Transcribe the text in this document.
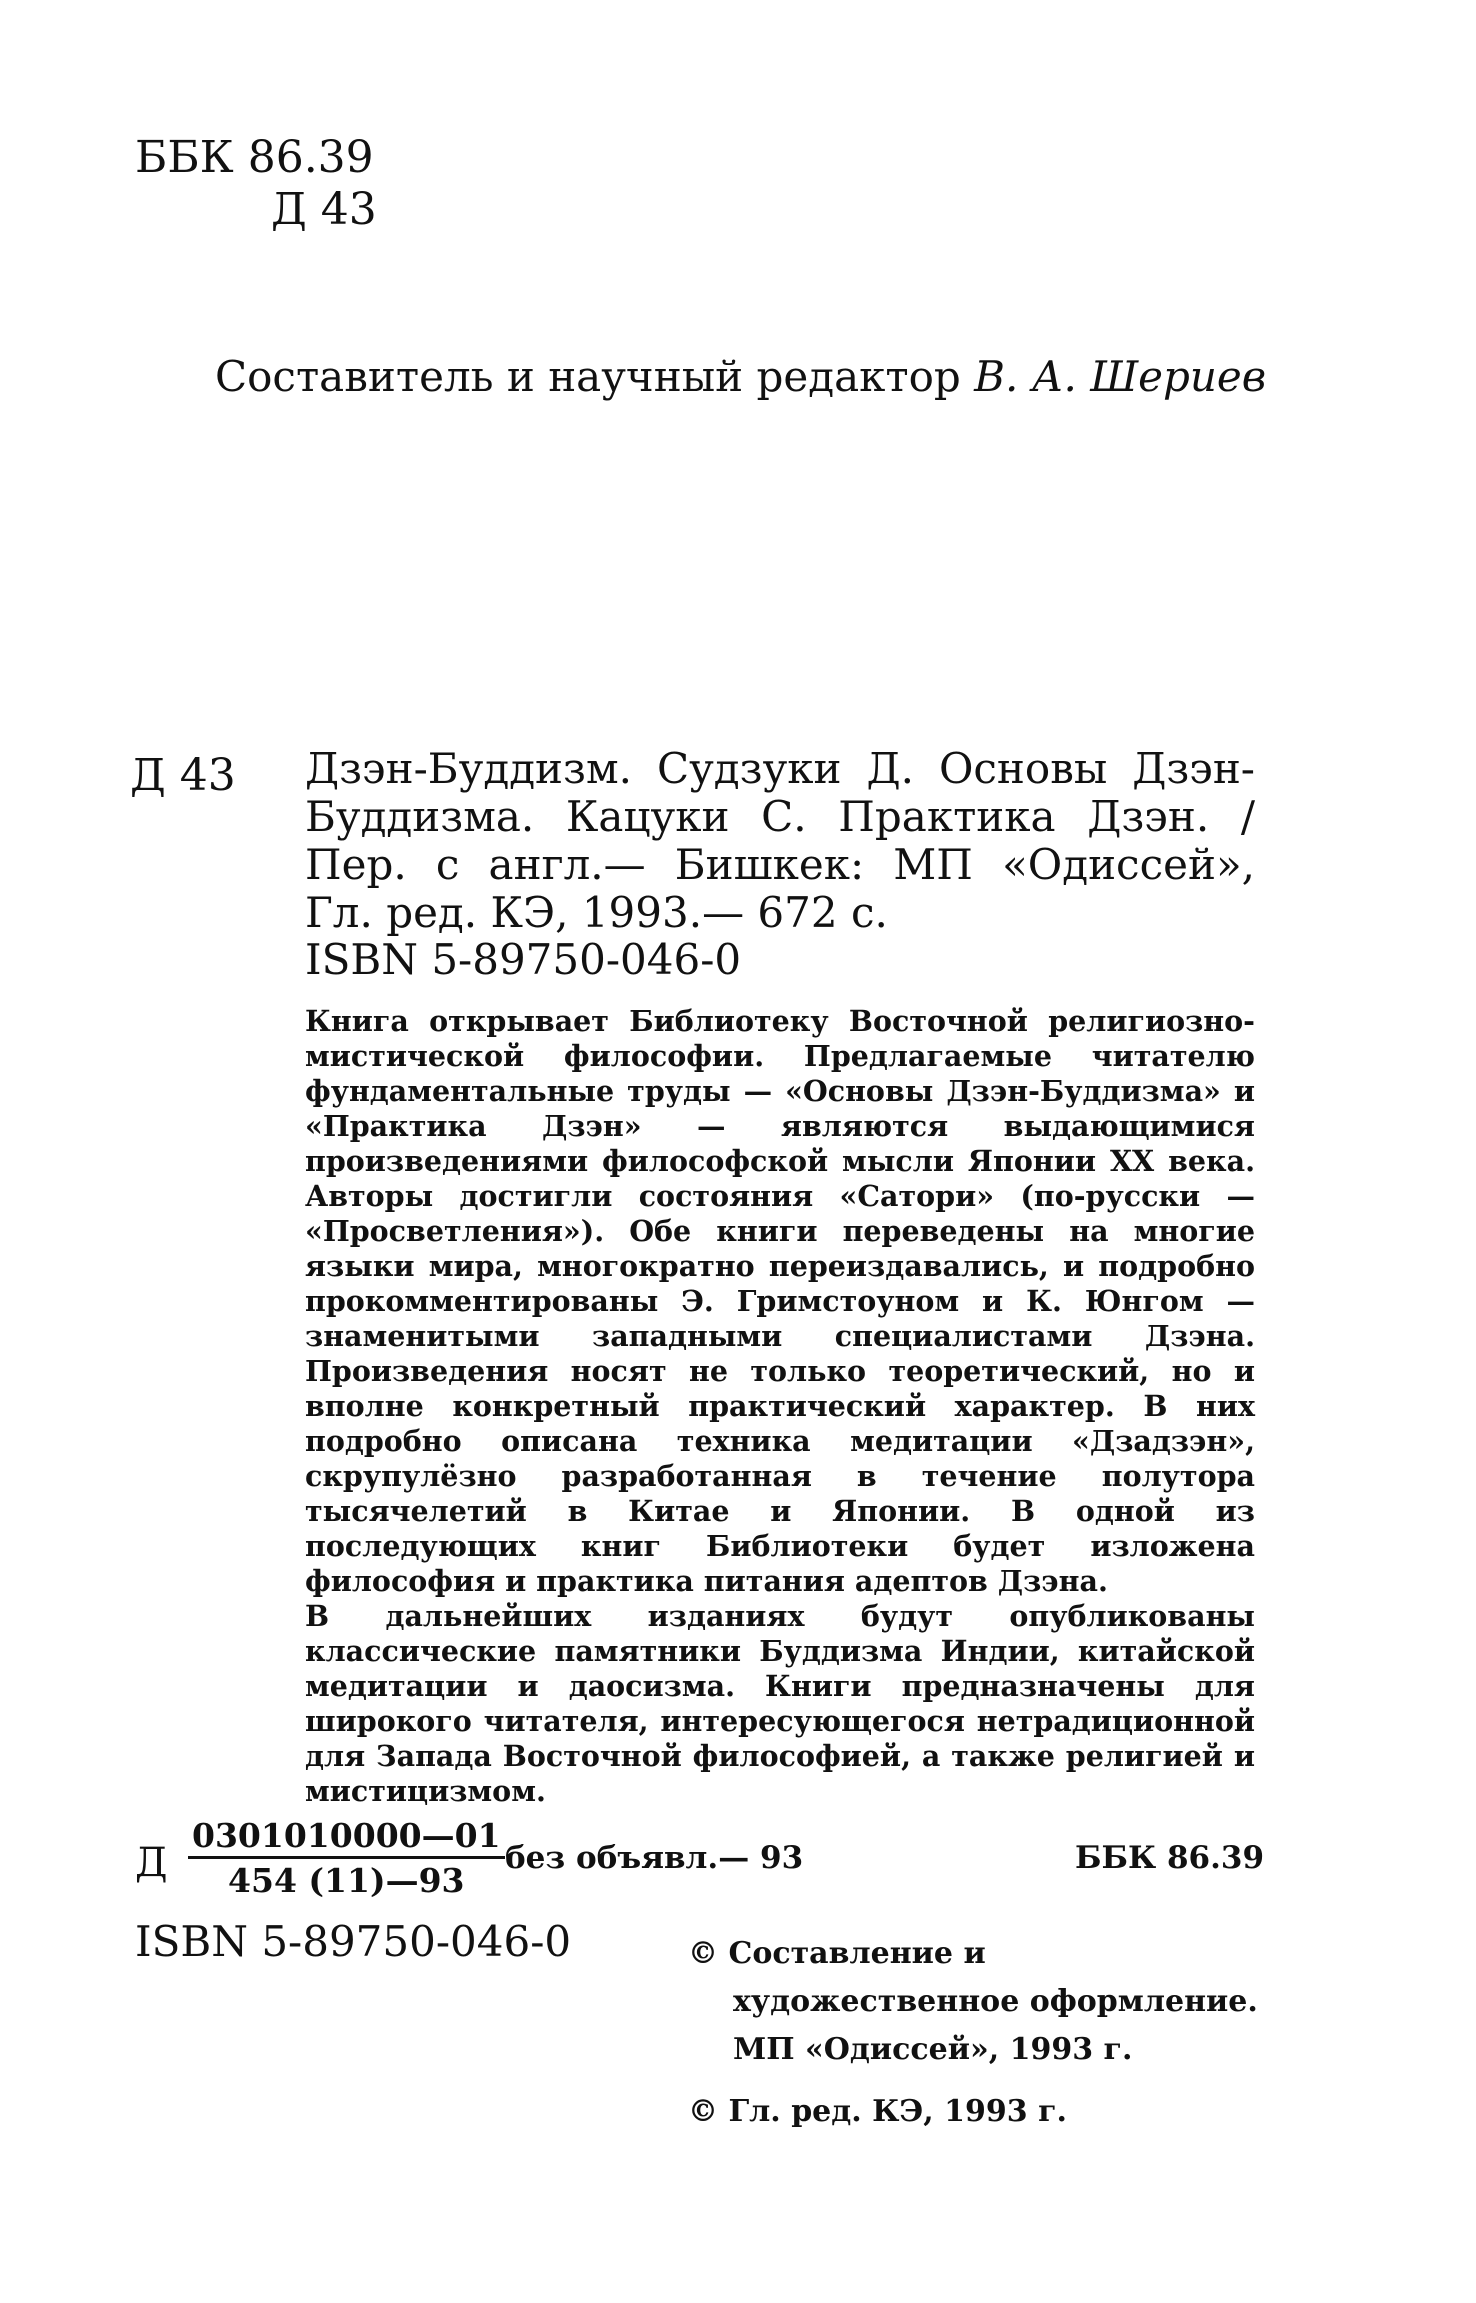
ББК 86.39
Д 43
Составитель и научный редактор В. А. Шериев
Д 43 Дзэн-Буддизм. Судзуки Д. Основы Дзэн-Буддизма. Кацуки С. Практика Дзэн. / Пер. с англ.— Бишкек: МП «Одиссей», Гл. ред. КЭ, 1993.— 672 с.
ISBN 5-89750-046-0

Книга открывает Библиотеку Восточной религиозно-мистической философии. Предлагаемые читателю фундаментальные труды — «Основы Дзэн-Буддизма» и «Практика Дзэн» — являются выдающимися произведениями философской мысли Японии XX века. Авторы достигли состояния «Сатори» (по-русски — «Просветления»). Обе книги переведены на многие языки мира, многократно переиздавались, и подробно прокомментированы Э. Гримстоуном и К. Юнгом — знаменитыми западными специалистами Дзэна. Произведения носят не только теоретический, но и вполне конкретный практический характер. В них подробно описана техника медитации «Дзадзэн», скрупулёзно разработанная в течение полутора тысячелетий в Китае и Японии. В одной из последующих книг Библиотеки будет изложена философия и практика питания адептов Дзэна.

В дальнейших изданиях будут опубликованы классические памятники Буддизма Индии, китайской медитации и даосизма. Книги предназначены для широкого читателя, интересующегося нетрадиционной для Запада Восточной философией, а также религией и мистицизмом.

Д $\frac{0301010000—01}{454 (11)—93}$ без объявл.— 93	ББК 86.39
ISBN 5-89750-046-0	© Составление и художественное оформление. МП «Одиссей», 1993 г.

© Гл. ред. КЭ, 1993 г.
